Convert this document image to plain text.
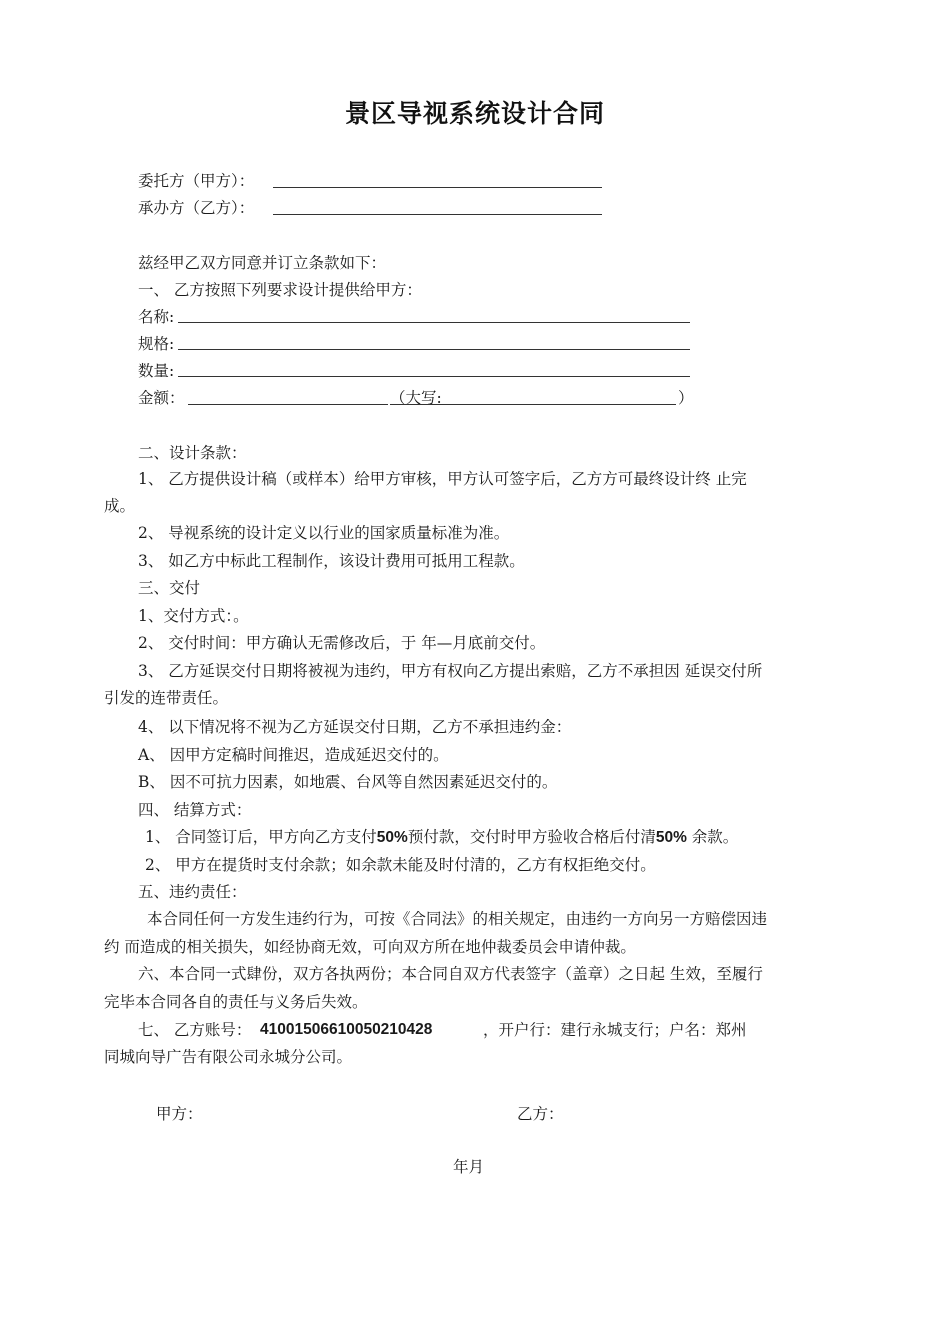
景区导视系统设计合同
委托方（甲方）：
承办方（乙方）：
兹经甲乙双方同意并订立条款如下：
一、 乙方按照下列要求设计提供给甲方：
名称:
规格:
数量:
金额：	（大写:	）
二、设计条款：
1、 乙方提供设计稿（或样本）给甲方审核，甲方认可签字后，乙方方可最终设计终 止完
成。
2、 导视系统的设计定义以行业的国家质量标准为准。
3、 如乙方中标此工程制作，该设计费用可抵用工程款。
三、交付
1、交付方式：。
2、 交付时间：甲方确认无需修改后，于 年—月底前交付。
3、 乙方延误交付日期将被视为违约，甲方有权向乙方提出索赔，乙方不承担因 延误交付所
引发的连带责任。
4、 以下情况将不视为乙方延误交付日期，乙方不承担违约金：
A、 因甲方定稿时间推迟，造成延迟交付的。
B、 因不可抗力因素，如地震、台风等自然因素延迟交付的。
四、 结算方式：
1、 合同签订后，甲方向乙方支付50%预付款，交付时甲方验收合格后付清50% 余款。
2、 甲方在提货时支付余款；如余款未能及时付清的，乙方有权拒绝交付。
五、违约责任：
本合同任何一方发生违约行为，可按《合同法》的相关规定，由违约一方向另一方赔偿因违
约 而造成的相关损失，如经协商无效，可向双方所在地仲裁委员会申请仲裁。
六、本合同一式肆份，双方各执两份；本合同自双方代表签字（盖章）之日起 生效，至履行
完毕本合同各自的责任与义务后失效。
七、 乙方账号： 41001506610050210428	，开户行：建行永城支行；户名：郑州
同城向导广告有限公司永城分公司。
甲方：	乙方：
年月
